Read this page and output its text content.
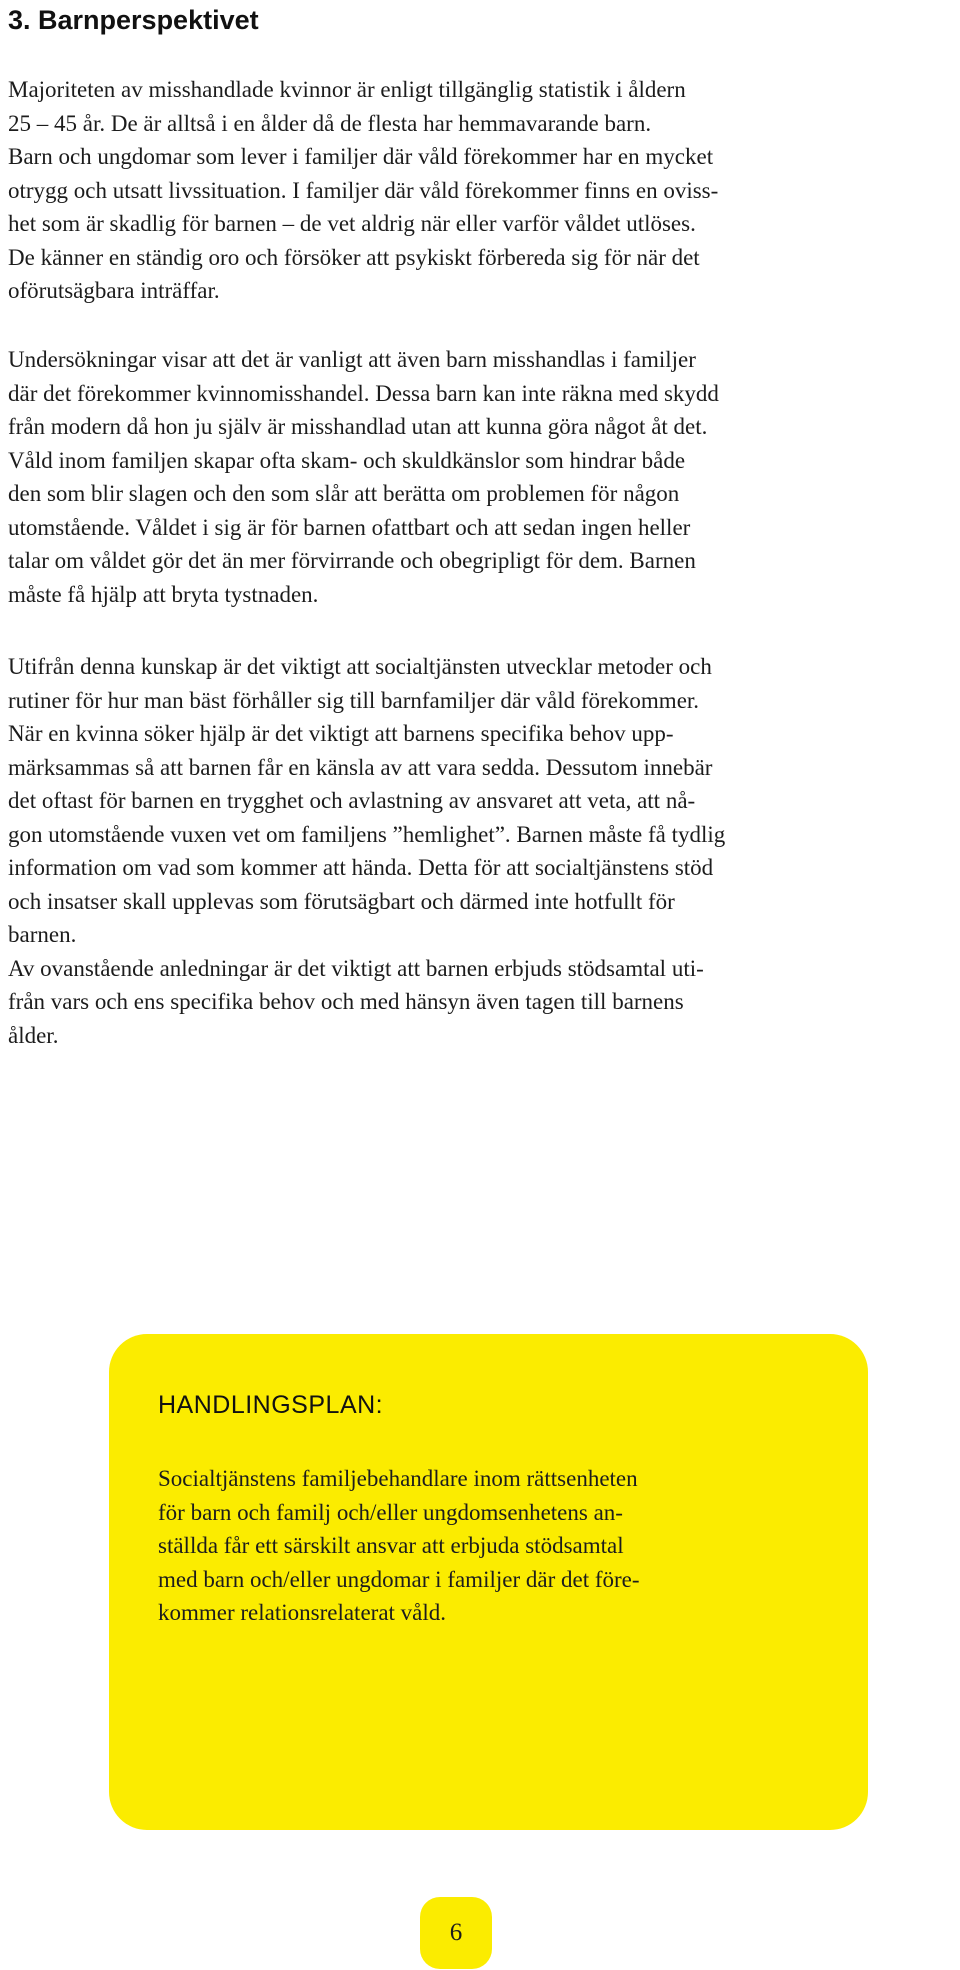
3. Barnperspektivet
Majoriteten av misshandlade kvinnor är enligt tillgänglig statistik i åldern
25 – 45 år. De är alltså i en ålder då de flesta har hemmavarande barn.
Barn och ungdomar som lever i familjer där våld förekommer har en mycket
otrygg och utsatt livssituation. I familjer där våld förekommer finns en oviss-
het som är skadlig för barnen – de vet aldrig när eller varför våldet utlöses.
De känner en ständig oro och försöker att psykiskt förbereda sig för när det
oförutsägbara inträffar.
Undersökningar visar att det är vanligt att även barn misshandlas i familjer
där det förekommer kvinnomisshandel. Dessa barn kan inte räkna med skydd
från modern då hon ju själv är misshandlad utan att kunna göra något åt det.
Våld inom familjen skapar ofta skam- och skuldkänslor som hindrar både
den som blir slagen och den som slår att berätta om problemen för någon
utomstående. Våldet i sig är för barnen ofattbart och att sedan ingen heller
talar om våldet gör det än mer förvirrande och obegripligt för dem. Barnen
måste få hjälp att bryta tystnaden.
Utifrån denna kunskap är det viktigt att socialtjänsten utvecklar metoder och
rutiner för hur man bäst förhåller sig till barnfamiljer där våld förekommer.
När en kvinna söker hjälp är det viktigt att barnens specifika behov upp-
märksammas så att barnen får en känsla av att vara sedda. Dessutom innebär
det oftast för barnen en trygghet och avlastning av ansvaret att veta, att nå-
gon utomstående vuxen vet om familjens ”hemlighet”. Barnen måste få tydlig
information om vad som kommer att hända. Detta för att socialtjänstens stöd
och insatser skall upplevas som förutsägbart och därmed inte hotfullt för
barnen.
Av ovanstående anledningar är det viktigt att barnen erbjuds stödsamtal uti-
från vars och ens specifika behov och med hänsyn även tagen till barnens
ålder.
HANDLINGSPLAN:
Socialtjänstens familjebehandlare inom rättsenheten
för barn och familj och/eller ungdomsenhetens an-
ställda får ett särskilt ansvar att erbjuda stödsamtal
med barn och/eller ungdomar i familjer där det före-
kommer relationsrelaterat våld.
6
